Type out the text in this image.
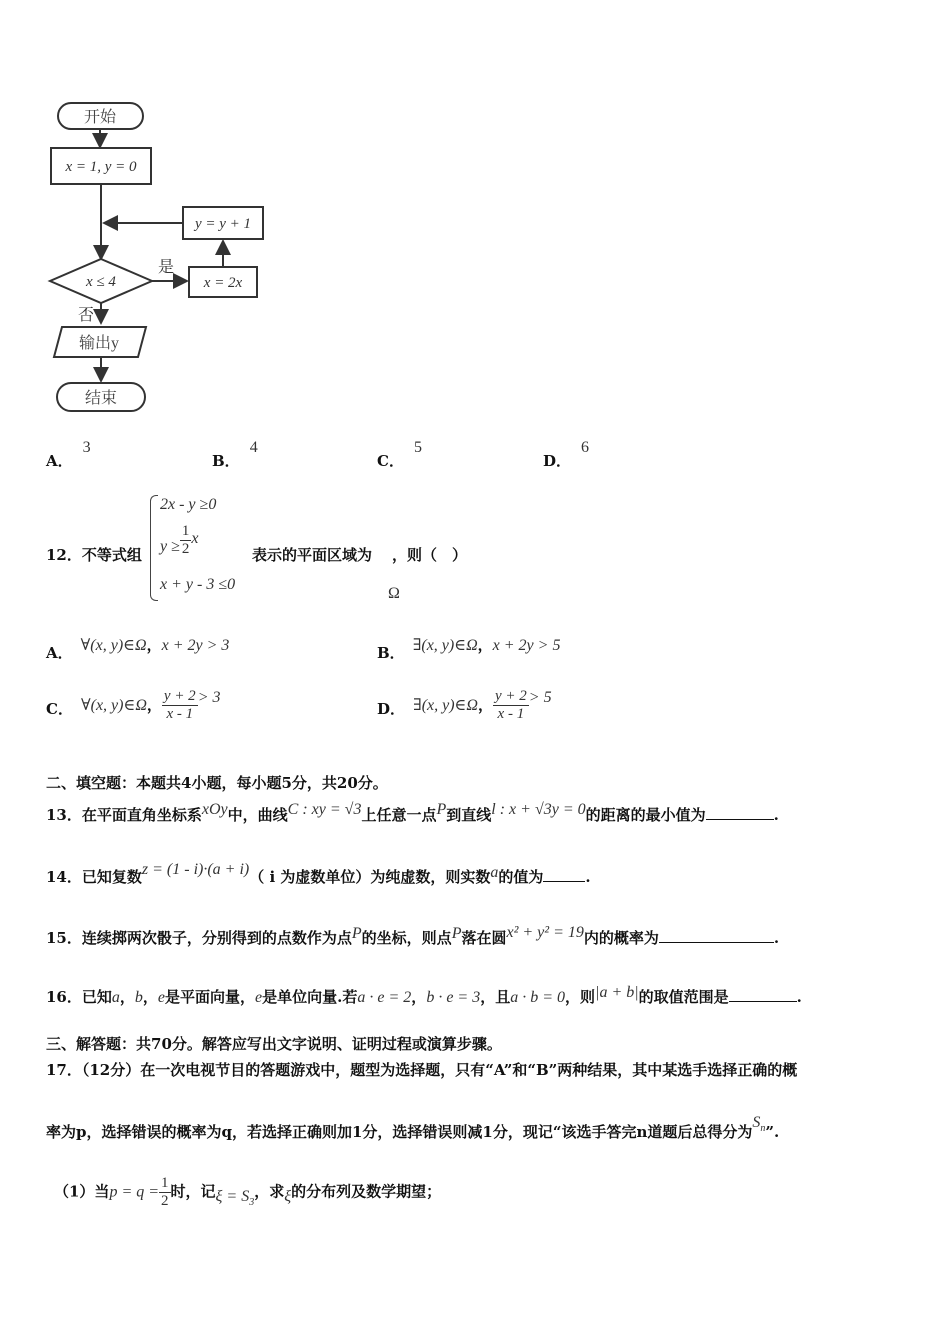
开始
x = 1, y = 0
y = y + 1
x ≤ 4
是
x = 2x
否
输出y
结束
A．3
B．4
C．5
D．6
12．不等式组
2x - y ≥0
$y \ge \frac{1}{2}$ x
x + y - 3 ≤0
表示的平面区域为 ，则（　）
Ω
A． ∀(x, y)∈Ω，x + 2y > 3	B． ∃(x, y)∈Ω，x + 2y > 5
C． ∀(x, y)∈Ω， $\frac{y + 2}{x - 1} > 3$
D． ∃(x, y)∈Ω， $\frac{y + 2}{x - 1} > 5$
二、填空题：本题共4小题，每小题5分，共20分。
13．在平面直角坐标系xOy中，曲线C : xy = √3上任意一点P到直线l : x + √3y = 0的距离的最小值为	.
14．已知复数z = (1 - i)·(a + i)（ i 为虚数单位）为纯虚数，则实数a的值为	.
15．连续掷两次骰子，分别得到的点数作为点P的坐标，则点P落在圆x² + y² = 19内的概率为	.
16．已知a，b，e是平面向量，e是单位向量.若a · e = 2，b · e = 3，且a · b = 0，则|a + b|的取值范围是	.
三、解答题：共70分。解答应写出文字说明、证明过程或演算步骤。
17．（12分）在一次电视节目的答题游戏中，题型为选择题，只有“A”和“B”两种结果，其中某选手选择正确的概
率为p，选择错误的概率为q，若选择正确则加1分，选择错误则减1分，现记“该选手答完n道题后总得分为$S_n$”.
（1）当$p = q = \frac{1}{2}$ 时，记$\xi = S_3$，求ξ的分布列及数学期望；
